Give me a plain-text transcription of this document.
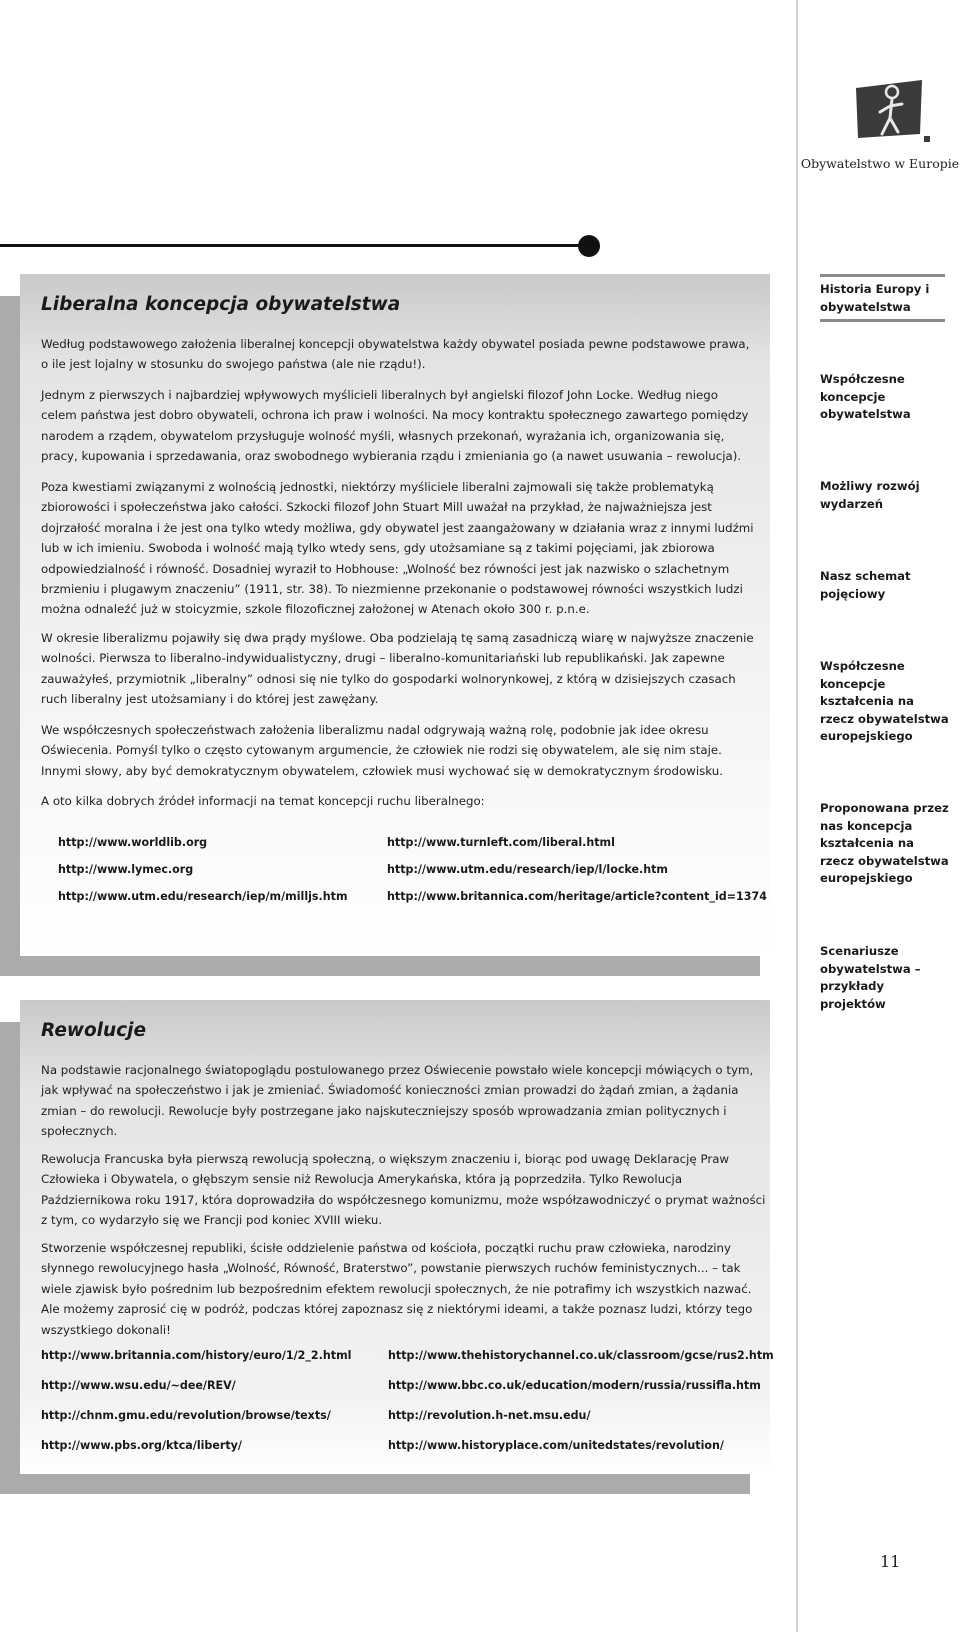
Obywatelstwo w Europie
Liberalna koncepcja obywatelstwa

Według podstawowego założenia liberalnej koncepcji obywatelstwa każdy obywatel posiada pewne podstawowe prawa, o ile jest lojalny w stosunku do swojego państwa (ale nie rządu!).

Jednym z pierwszych i najbardziej wpływowych myślicieli liberalnych był angielski filozof John Locke. Według niego celem państwa jest dobro obywateli, ochrona ich praw i wolności. Na mocy kontraktu społecznego zawartego pomiędzy narodem a rządem, obywatelom przysługuje wolność myśli, własnych przekonań, wyrażania ich, organizowania się, pracy, kupowania i sprzedawania, oraz swobodnego wybierania rządu i zmieniania go (a nawet usuwania – rewolucja).

Poza kwestiami związanymi z wolnością jednostki, niektórzy myśliciele liberalni zajmowali się także problematyką zbiorowości i społeczeństwa jako całości. Szkocki filozof John Stuart Mill uważał na przykład, że najważniejsza jest dojrzałość moralna i że jest ona tylko wtedy możliwa, gdy obywatel jest zaangażowany w działania wraz z innymi ludźmi lub w ich imieniu. Swoboda i wolność mają tylko wtedy sens, gdy utożsamiane są z takimi pojęciami, jak zbiorowa odpowiedzialność i równość. Dosadniej wyraził to Hobhouse: „Wolność bez równości jest jak nazwisko o szlachetnym brzmieniu i plugawym znaczeniu” (1911, str. 38). To niezmienne przekonanie o podstawowej równości wszystkich ludzi można odnaleźć już w stoicyzmie, szkole filozoficznej założonej w Atenach około 300 r. p.n.e.

W okresie liberalizmu pojawiły się dwa prądy myślowe. Oba podzielają tę samą zasadniczą wiarę w najwyższe znaczenie wolności. Pierwsza to liberalno-indywidualistyczny, drugi – liberalno-komunitariański lub republikański. Jak zapewne zauważyłeś, przymiotnik „liberalny” odnosi się nie tylko do gospodarki wolnorynkowej, z którą w dzisiejszych czasach ruch liberalny jest utożsamiany i do której jest zawężany.

We współczesnych społeczeństwach założenia liberalizmu nadal odgrywają ważną rolę, podobnie jak idee okresu Oświecenia. Pomyśl tylko o często cytowanym argumencie, że człowiek nie rodzi się obywatelem, ale się nim staje. Innymi słowy, aby być demokratycznym obywatelem, człowiek musi wychować się w demokratycznym środowisku.

A oto kilka dobrych źródeł informacji na temat koncepcji ruchu liberalnego:

http://www.worldlib.org	http://www.turnleft.com/liberal.html
http://www.lymec.org	http://www.utm.edu/research/iep/l/locke.htm
http://www.utm.edu/research/iep/m/milljs.htm	http://www.britannica.com/heritage/article?content_id=1374
Rewolucje

Na podstawie racjonalnego światopoglądu postulowanego przez Oświecenie powstało wiele koncepcji mówiących o tym, jak wpływać na społeczeństwo i jak je zmieniać. Świadomość konieczności zmian prowadzi do żądań zmian, a żądania zmian – do rewolucji. Rewolucje były postrzegane jako najskuteczniejszy sposób wprowadzania zmian politycznych i społecznych.

Rewolucja Francuska była pierwszą rewolucją społeczną, o większym znaczeniu i, biorąc pod uwagę Deklarację Praw Człowieka i Obywatela, o głębszym sensie niż Rewolucja Amerykańska, która ją poprzedziła. Tylko Rewolucja Październikowa roku 1917, która doprowadziła do współczesnego komunizmu, może współzawodniczyć o prymat ważności z tym, co wydarzyło się we Francji pod koniec XVIII wieku.

Stworzenie współczesnej republiki, ścisłe oddzielenie państwa od kościoła, początki ruchu praw człowieka, narodziny słynnego rewolucyjnego hasła „Wolność, Równość, Braterstwo”, powstanie pierwszych ruchów feministycznych... – tak wiele zjawisk było pośrednim lub bezpośrednim efektem rewolucji społecznych, że nie potrafimy ich wszystkich nazwać. Ale możemy zaprosić cię w podróż, podczas której zapoznasz się z niektórymi ideami, a także poznasz ludzi, którzy tego wszystkiego dokonali!

http://www.britannia.com/history/euro/1/2_2.html	http://www.thehistorychannel.co.uk/classroom/gcse/rus2.htm
http://www.wsu.edu/~dee/REV/	http://www.bbc.co.uk/education/modern/russia/russifla.htm
http://chnm.gmu.edu/revolution/browse/texts/	http://revolution.h-net.msu.edu/
http://www.pbs.org/ktca/liberty/	http://www.historyplace.com/unitedstates/revolution/
Historia Europy i obywatelstwa
Współczesne koncepcje obywatelstwa
Możliwy rozwój wydarzeń
Nasz schemat pojęciowy
Współczesne koncepcje kształcenia na rzecz obywatelstwa europejskiego
Proponowana przez nas koncepcja kształcenia na rzecz obywatelstwa europejskiego
Scenariusze obywatelstwa – przykłady projektów
11
